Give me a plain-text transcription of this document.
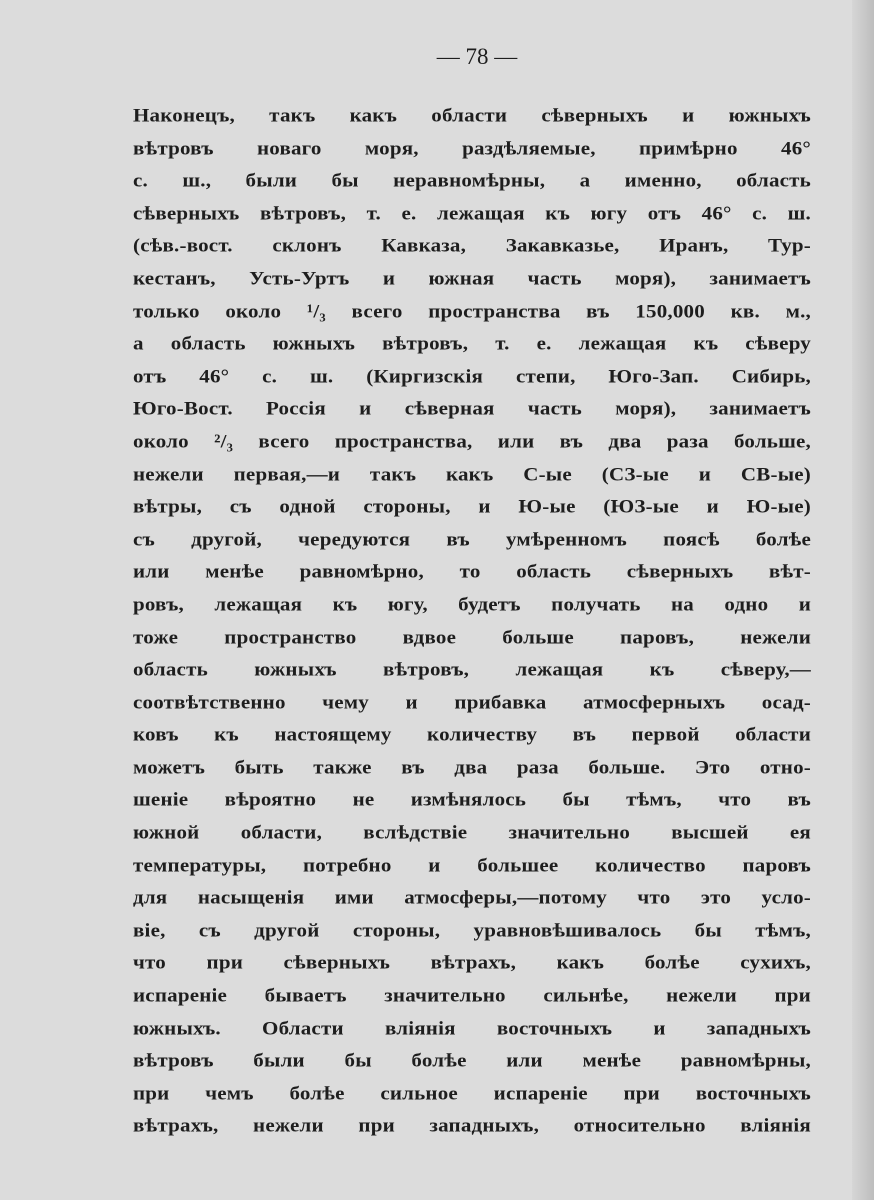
— 78 —
Наконецъ, такъ какъ области сѣверныхъ и южныхъ
вѣтровъ новаго моря, раздѣляемые, примѣрно 46°
с. ш., были бы неравномѣрны, а именно, область
сѣверныхъ вѣтровъ, т. е. лежащая къ югу отъ 46° с. ш.
(сѣв.-вост. склонъ Кавказа, Закавказье, Иранъ, Тур-
кестанъ, Усть-Уртъ и южная часть моря), занимаетъ
только около ¹/₃ всего пространства въ 150,000 кв. м.,
а область южныхъ вѣтровъ, т. е. лежащая къ сѣверу
отъ 46° с. ш. (Киргизскія степи, Юго-Зап. Сибирь,
Юго-Вост. Россія и сѣверная часть моря), занимаетъ
около ²/₃ всего пространства, или въ два раза больше,
нежели первая,—и такъ какъ С-ые (СЗ-ые и СВ-ые)
вѣтры, съ одной стороны, и Ю-ые (ЮЗ-ые и Ю-ые)
съ другой, чередуются въ умѣренномъ поясѣ болѣе
или менѣе равномѣрно, то область сѣверныхъ вѣт-
ровъ, лежащая къ югу, будетъ получать на одно и
тоже пространство вдвое больше паровъ, нежели
область южныхъ вѣтровъ, лежащая къ сѣверу,—
соотвѣтственно чему и прибавка атмосферныхъ осад-
ковъ къ настоящему количеству въ первой области
можетъ быть также въ два раза больше. Это отно-
шеніе вѣроятно не измѣнялось бы тѣмъ, что въ
южной области, вслѣдствіе значительно высшей ея
температуры, потребно и большее количество паровъ
для насыщенія ими атмосферы,—потому что это усло-
віе, съ другой стороны, уравновѣшивалось бы тѣмъ,
что при сѣверныхъ вѣтрахъ, какъ болѣе сухихъ,
испареніе бываетъ значительно сильнѣе, нежели при
южныхъ. Области вліянія восточныхъ и западныхъ
вѣтровъ были бы болѣе или менѣе равномѣрны,
при чемъ болѣе сильное испареніе при восточныхъ
вѣтрахъ, нежели при западныхъ, относительно вліянія
